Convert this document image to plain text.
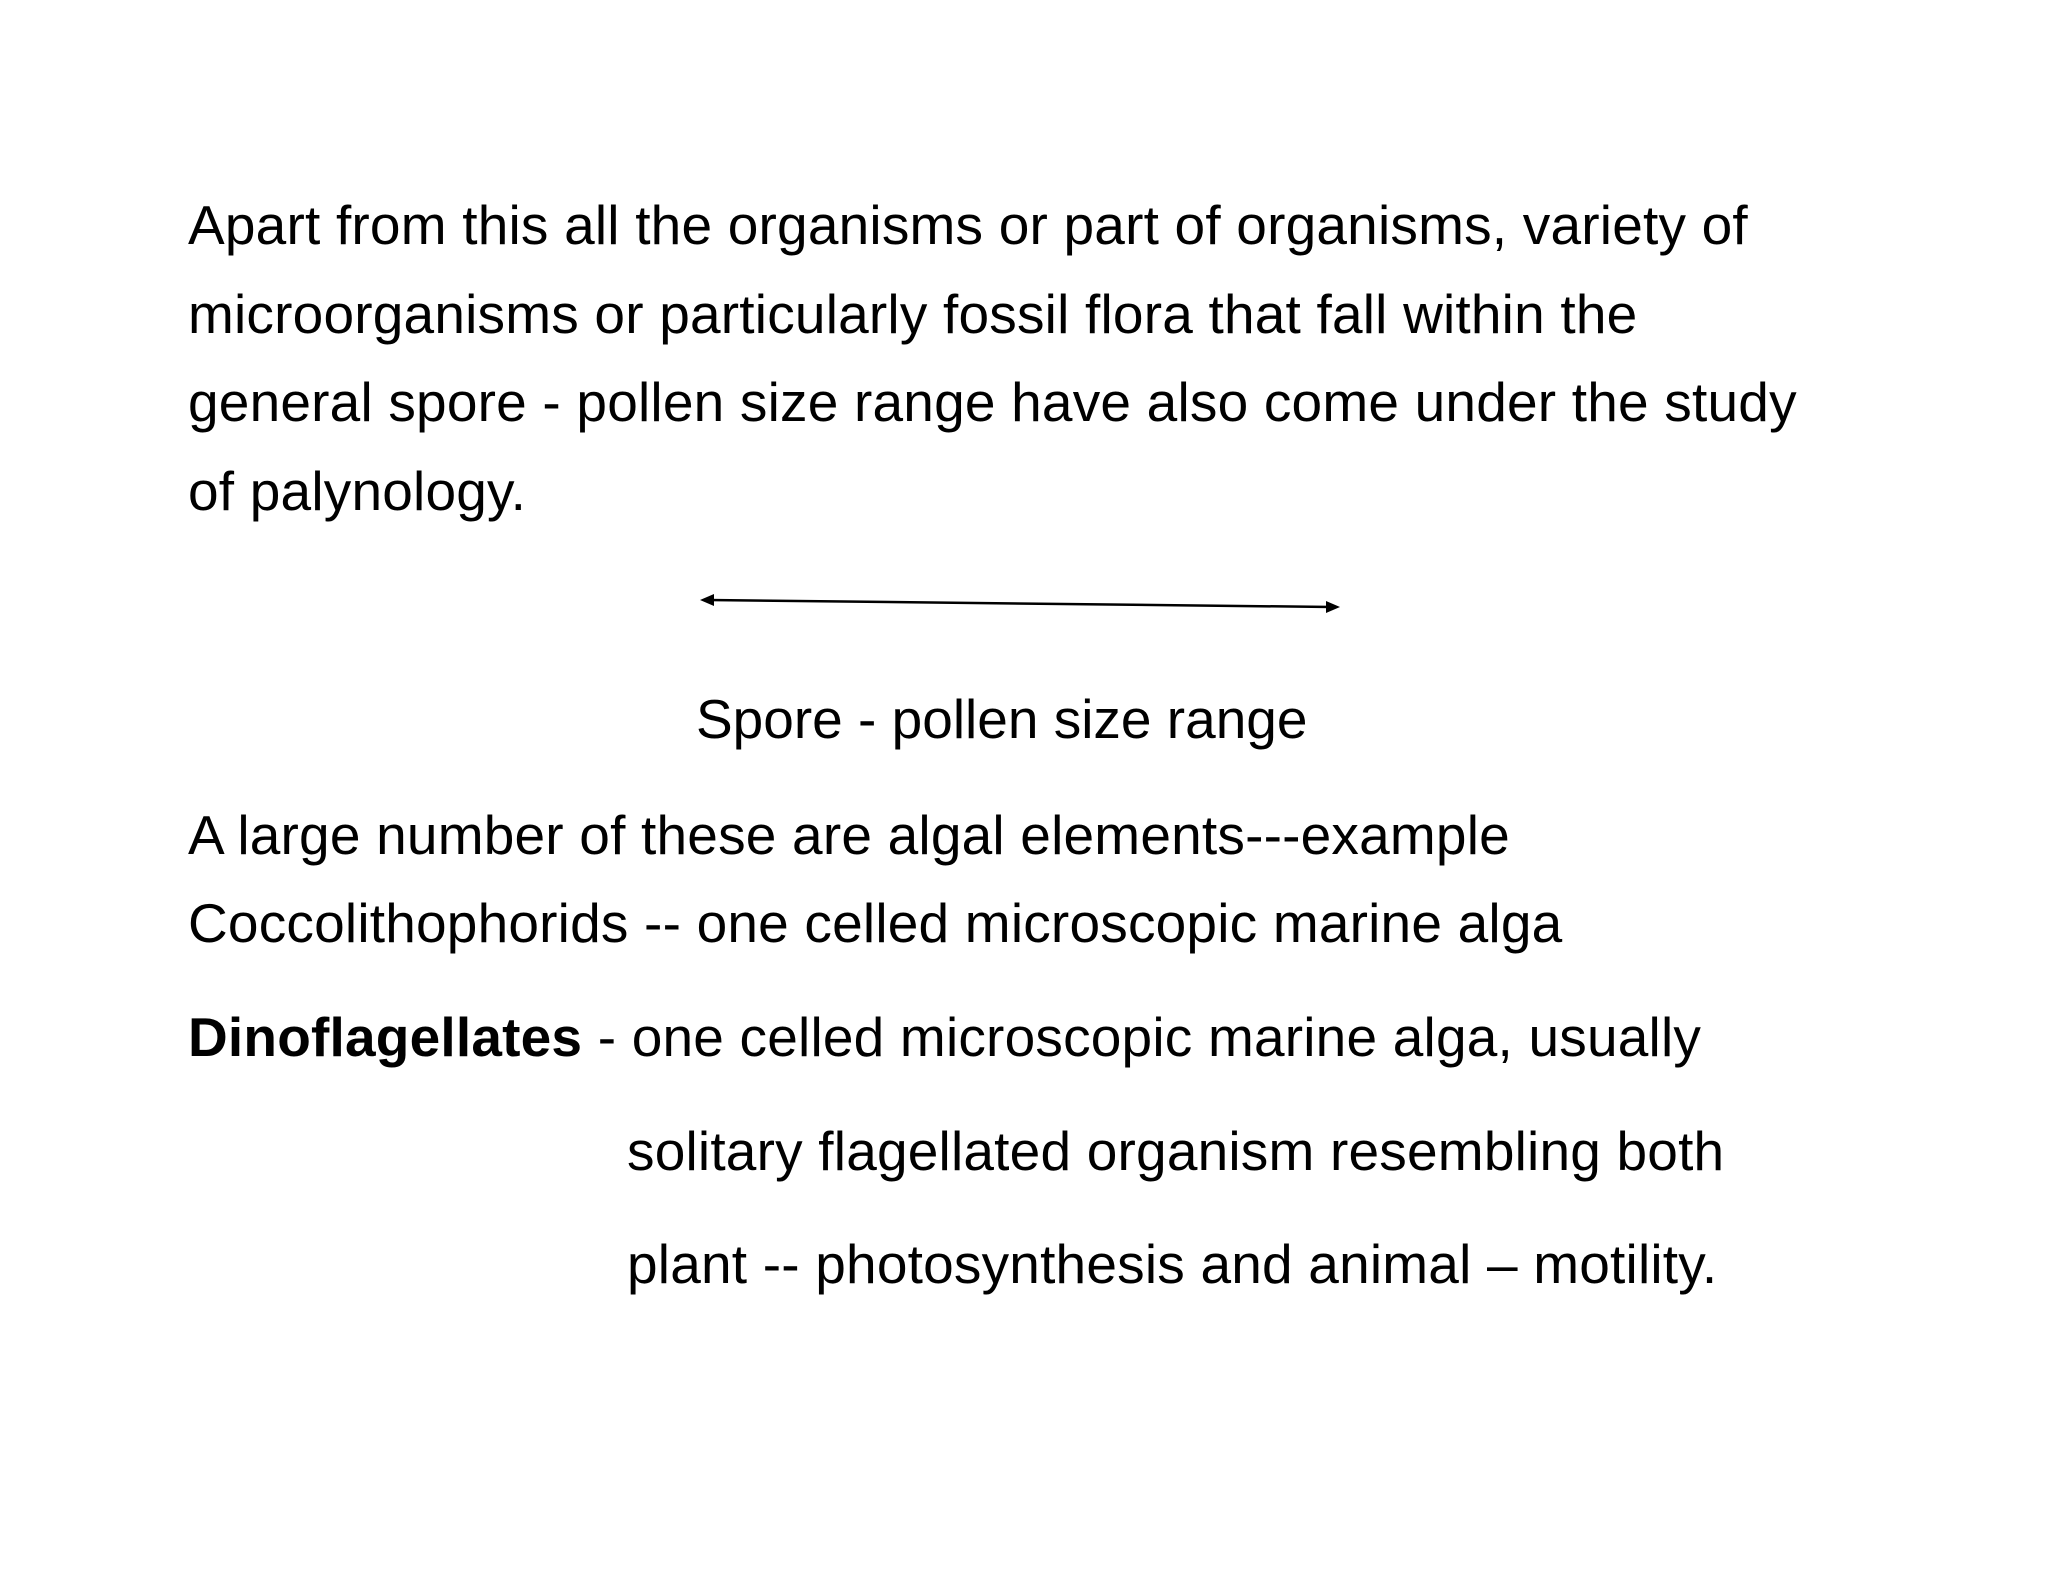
Apart from this all the organisms or part of organisms, variety of
microorganisms or particularly fossil flora that fall within the
general spore - pollen size range have also come under the study
of palynology.
Spore - pollen size range
A large number of these are algal elements---example
Coccolithophorids -- one celled microscopic marine alga
Dinoflagellates - one celled microscopic marine alga, usually
solitary flagellated organism resembling both
plant -- photosynthesis and animal – motility.
